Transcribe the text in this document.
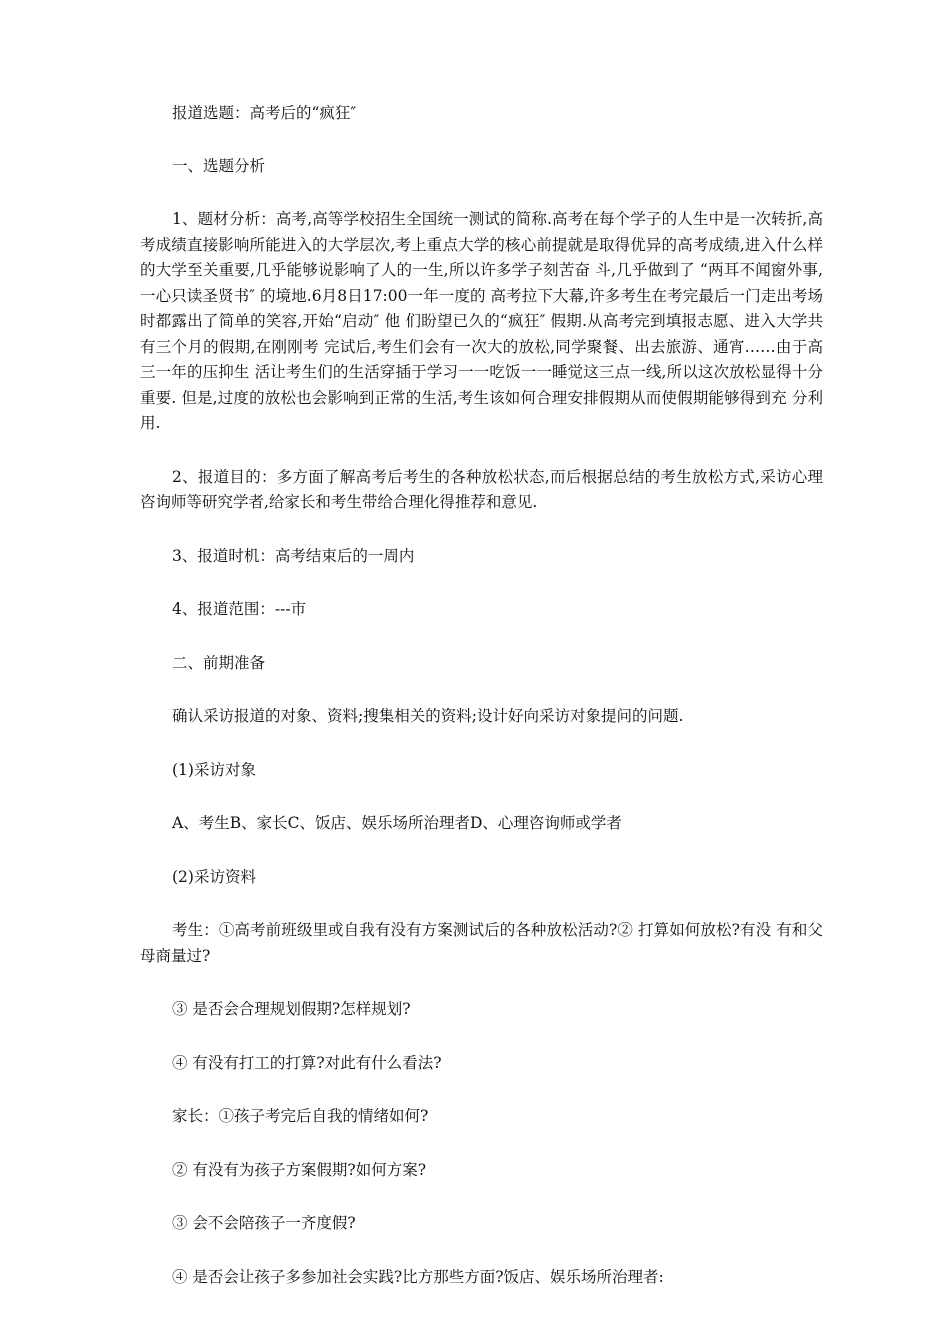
报道选题：高考后的“疯狂″

一、选题分析

1、题材分析：高考,高等学校招生全国统一测试的简称.高考在每个学子的人生中是一次转折,高考成绩直接影响所能进入的大学层次,考上重点大学的核心前提就是取得优异的高考成绩,进入什么样的大学至关重要,几乎能够说影响了人的一生,所以许多学子刻苦奋 斗,几乎做到了 “两耳不闻窗外事,一心只读圣贤书″ 的境地.6月8日17:00一年一度的 高考拉下大幕,许多考生在考完最后一门走出考场时都露出了简单的笑容,开始“启动″ 他 们盼望已久的“疯狂″ 假期.从高考完到填报志愿、进入大学共有三个月的假期,在刚刚考 完试后,考生们会有一次大的放松,同学聚餐、出去旅游、通宵……由于高三一年的压抑生 活让考生们的生活穿插于学习一一吃饭一一睡觉这三点一线,所以这次放松显得十分重要. 但是,过度的放松也会影响到正常的生活,考生该如何合理安排假期从而使假期能够得到充 分利用.

2、报道目的：多方面了解高考后考生的各种放松状态,而后根据总结的考生放松方式,采访心理咨询师等研究学者,给家长和考生带给合理化得推荐和意见.

3、报道时机：高考结束后的一周内

4、报道范围：---市

二、前期准备

确认采访报道的对象、资料;搜集相关的资料;设计好向采访对象提问的问题.

(1)采访对象

A、考生B、家长C、饭店、娱乐场所治理者D、心理咨询师或学者

(2)采访资料

考生：①高考前班级里或自我有没有方案测试后的各种放松活动?② 打算如何放松?有没 有和父母商量过?

③ 是否会合理规划假期?怎样规划?

④ 有没有打工的打算?对此有什么看法?

家长：①孩子考完后自我的情绪如何?

② 有没有为孩子方案假期?如何方案?

③ 会不会陪孩子一齐度假?

④ 是否会让孩子多参加社会实践?比方那些方面?饭店、娱乐场所治理者:
